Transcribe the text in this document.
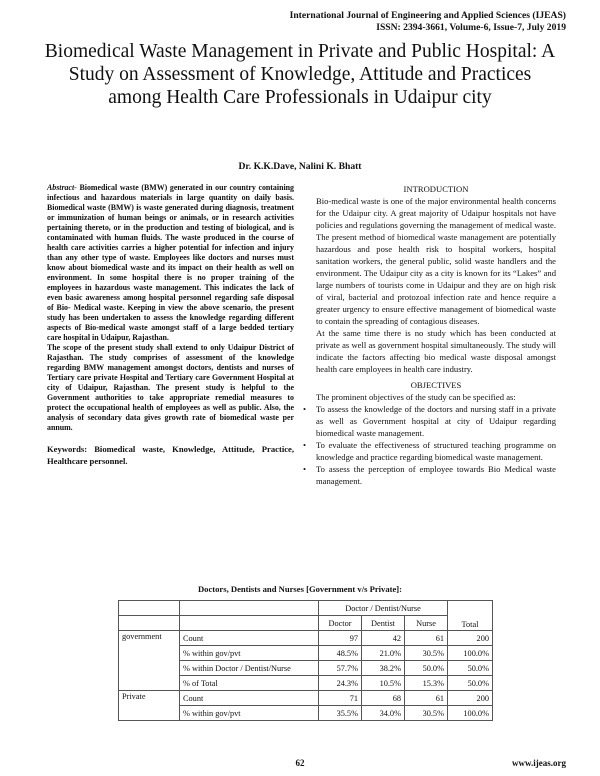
International Journal of Engineering and Applied Sciences (IJEAS)
ISSN: 2394-3661, Volume-6, Issue-7, July 2019
Biomedical Waste Management in Private and Public Hospital: A Study on Assessment of Knowledge, Attitude and Practices among Health Care Professionals in Udaipur city
Dr. K.K.Dave, Nalini K. Bhatt

Abstract- Biomedical waste (BMW) generated in our country containing infectious and hazardous materials in large quantity on daily basis. Biomedical waste (BMW) is waste generated during diagnosis, treatment or immunization of human beings or animals, or in research activities pertaining thereto, or in the production and testing of biological, and is contaminated with human fluids. The waste produced in the course of health care activities carries a higher potential for infection and injury than any other type of waste. Employees like doctors and nurses must know about biomedical waste and its impact on their health as well on environment. In some hospital there is no proper training of the employees in hazardous waste management. This indicates the lack of even basic awareness among hospital personnel regarding safe disposal of Bio- Medical waste. Keeping in view the above scenario, the present study has been undertaken to assess the knowledge regarding different aspects of Bio-medical waste amongst staff of a large bedded tertiary care hospital in Udaipur, Rajasthan.

The scope of the present study shall extend to only Udaipur District of Rajasthan. The study comprises of assessment of the knowledge regarding BMW management amongst doctors, dentists and nurses of Tertiary care private Hospital and Tertiary care Government Hospital at city of Udaipur, Rajasthan. The present study is helpful to the Government authorities to take appropriate remedial measures to protect the occupational health of employees as well as public. Also, the analysis of secondary data gives growth rate of biomedical waste per annum.

Keywords: Biomedical waste, Knowledge, Attitude, Practice, Healthcare personnel.
INTRODUCTION

Bio-medical waste is one of the major environmental health concerns for the Udaipur city. A great majority of Udaipur hospitals not have policies and regulations governing the management of medical waste. The present method of biomedical waste management are potentially hazardous and pose health risk to hospital workers, hospital sanitation workers, the general public, solid waste handlers and the environment. The Udaipur city as a city is known for its “Lakes” and large numbers of tourists come in Udaipur and they are on high risk of viral, bacterial and protozoal infection rate and hence require a greater urgency to ensure effective management of biomedical waste to contain the spreading of contagious diseases.

At the same time there is no study which has been conducted at private as well as government hospital simultaneously. The study will indicate the factors affecting bio medical waste disposal amongst health care employees in health care industry.

OBJECTIVES

The prominent objectives of the study can be specified as:

• To assess the knowledge of the doctors and nursing staff in a private as well as Government hospital at city of Udaipur regarding biomedical waste management.
• To evaluate the effectiveness of structured teaching programme on knowledge and practice regarding biomedical waste management.
• To assess the perception of employee towards Bio Medical waste management.
Doctors, Dentists and Nurses [Government v/s Private]:
		Doctor / Dentist/Nurse			Total
		Doctor	Dentist	Nurse	
government	Count	97	42	61	200
	% within gov/pvt	48.5%	21.0%	30.5%	100.0%
	% within Doctor / Dentist/Nurse	57.7%	38.2%	50.0%	50.0%
	% of Total	24.3%	10.5%	15.3%	50.0%
Private	Count	71	68	61	200
	% within gov/pvt	35.5%	34.0%	30.5%	100.0%
62	www.ijeas.org
